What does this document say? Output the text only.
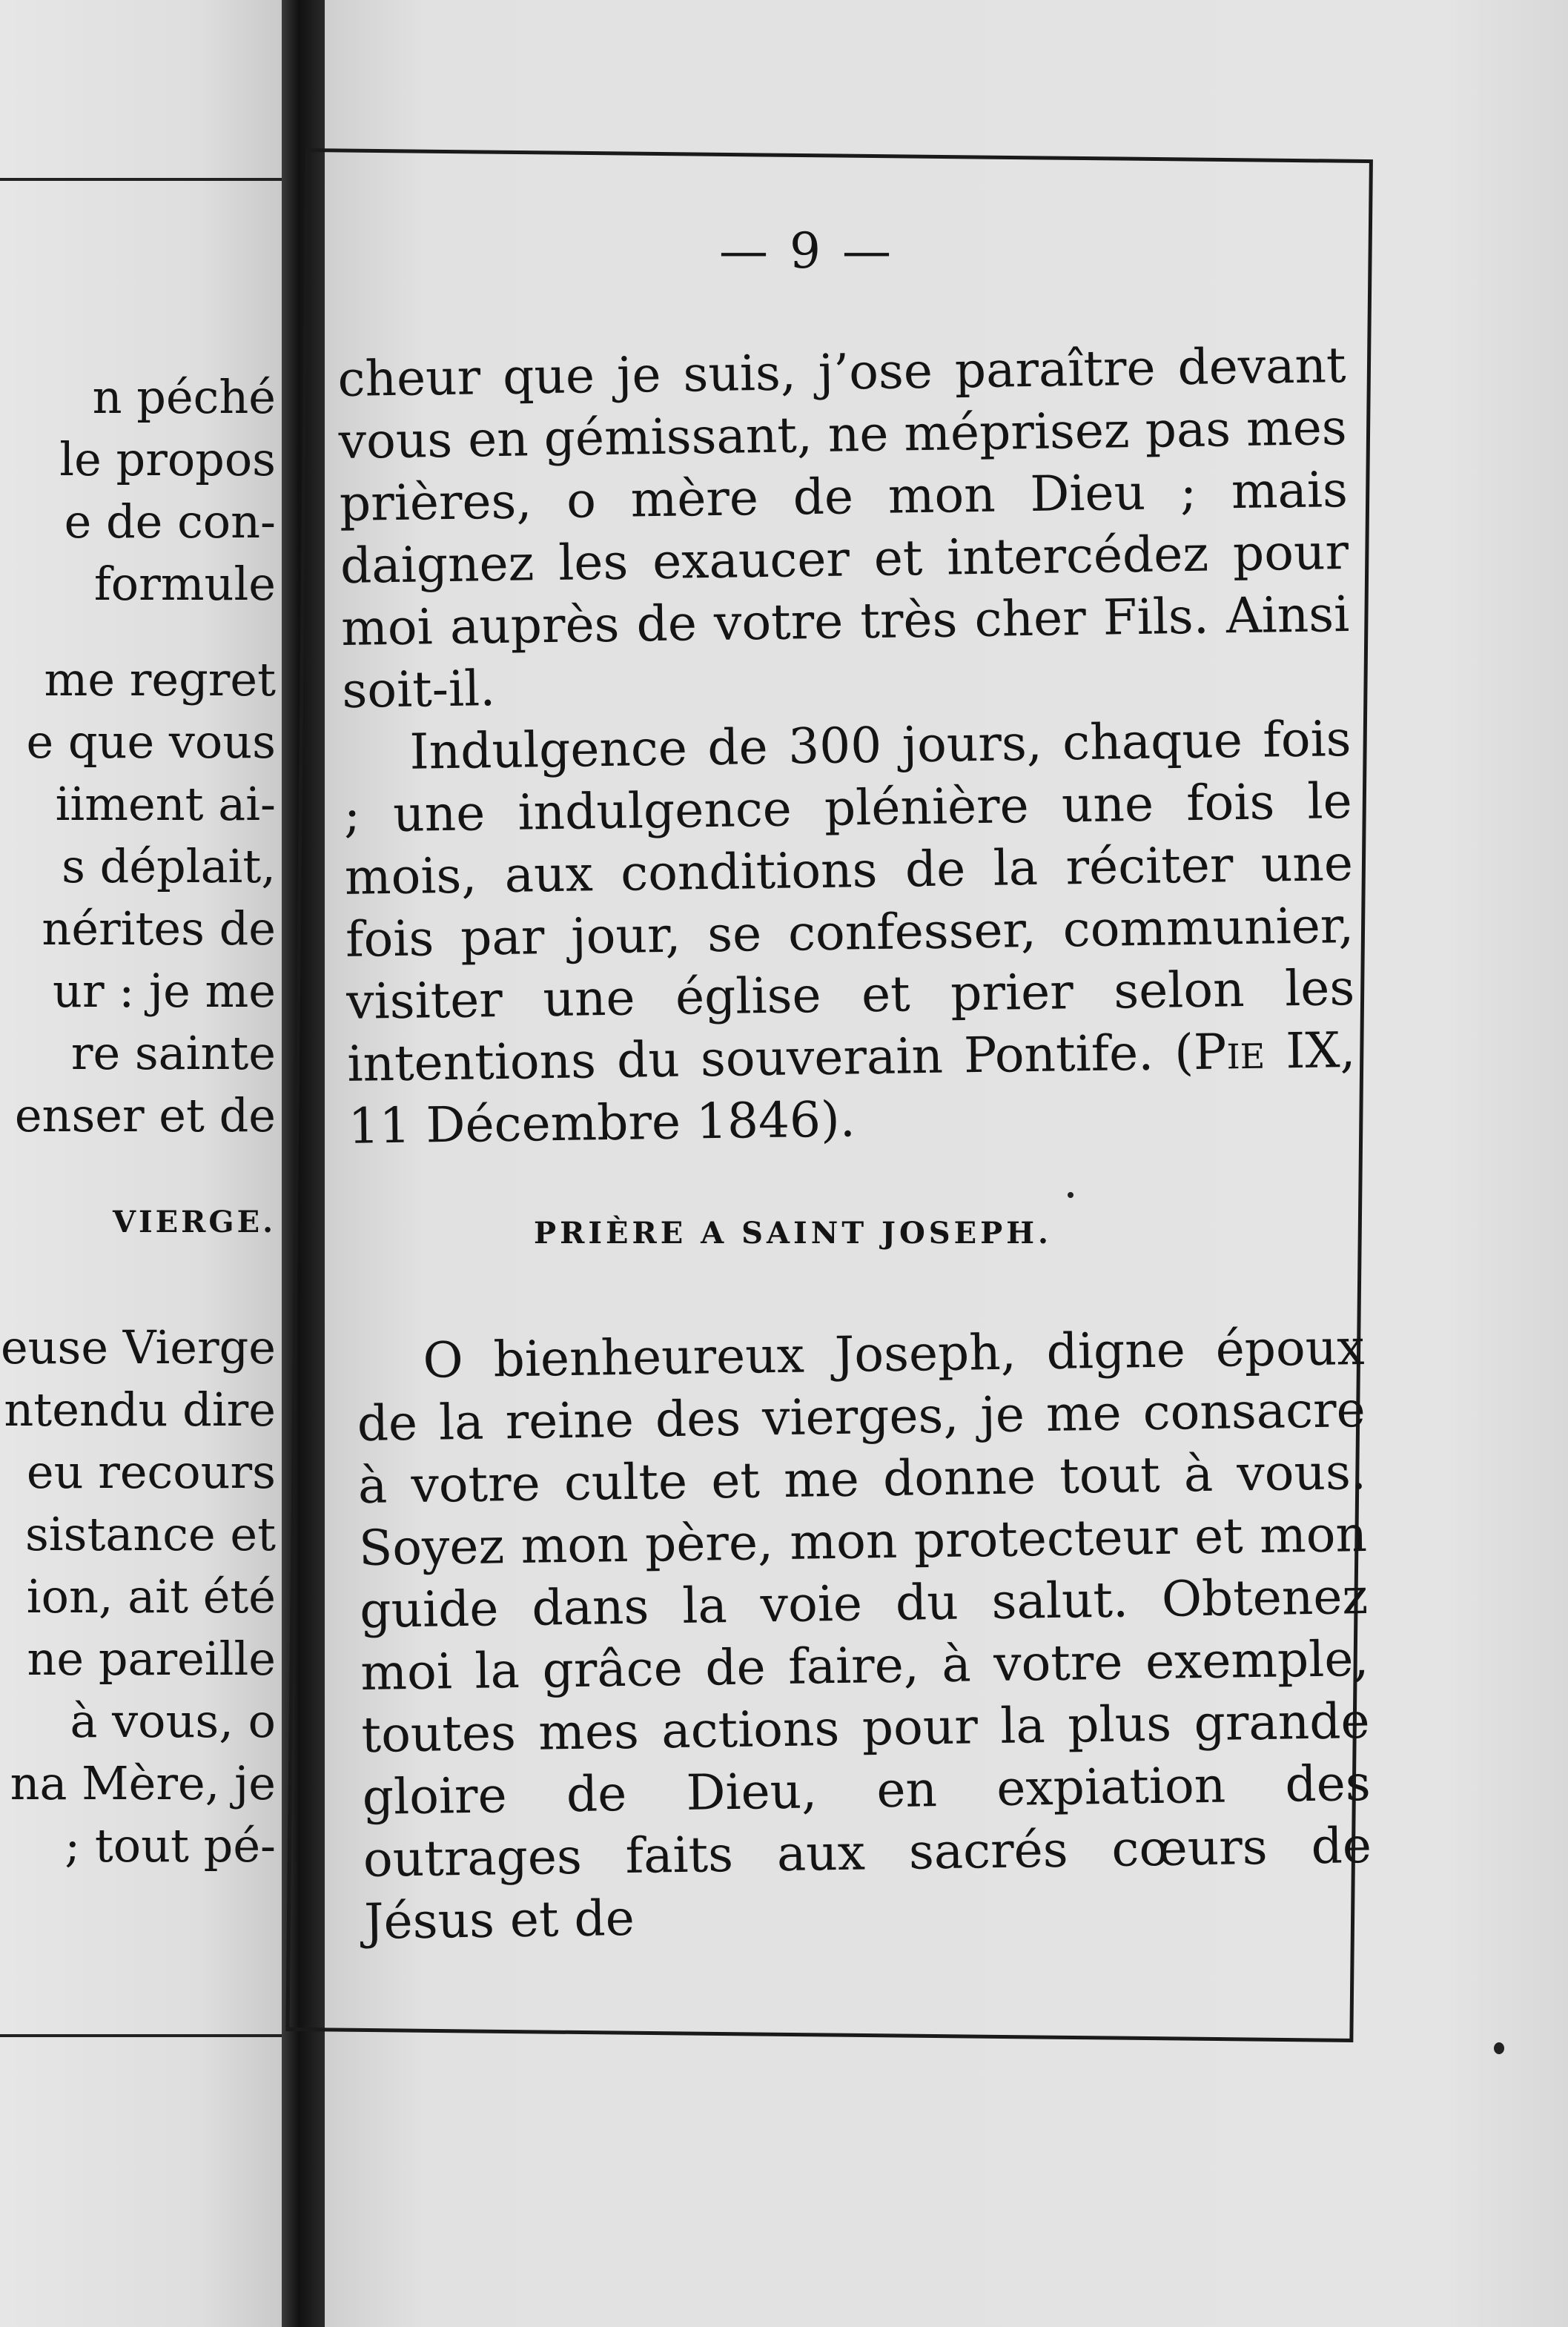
n péché
le propos
e de con-
formule
me regret
e que vous
iiment ai-
s déplait,
nérites de
ur : je me
re sainte
enser et de
VIERGE.
euse Vierge
ntendu dire
eu recours
sistance et
ion, ait été
ne pareille
à vous, o
na Mère, je
; tout pé-
— 9 —

cheur que je suis, j’ose paraître devant vous en gémissant, ne méprisez pas mes prières, o mère de mon Dieu ; mais daignez les exaucer et intercédez pour moi auprès de votre très cher Fils. Ainsi soit-il.

Indulgence de 300 jours, chaque fois ; une indulgence plénière une fois le mois, aux conditions de la réciter une fois par jour, se confesser, communier, visiter une église et prier selon les intentions du souverain Pontife. (Pie IX, 11 Décembre 1846).

PRIÈRE A SAINT JOSEPH.

O bienheureux Joseph, digne époux de la reine des vierges, je me consacre à votre culte et me donne tout à vous. Soyez mon père, mon protecteur et mon guide dans la voie du salut. Obtenez moi la grâce de faire, à votre exemple, toutes mes actions pour la plus grande gloire de Dieu, en expiation des outrages faits aux sacrés cœurs de Jésus et de
